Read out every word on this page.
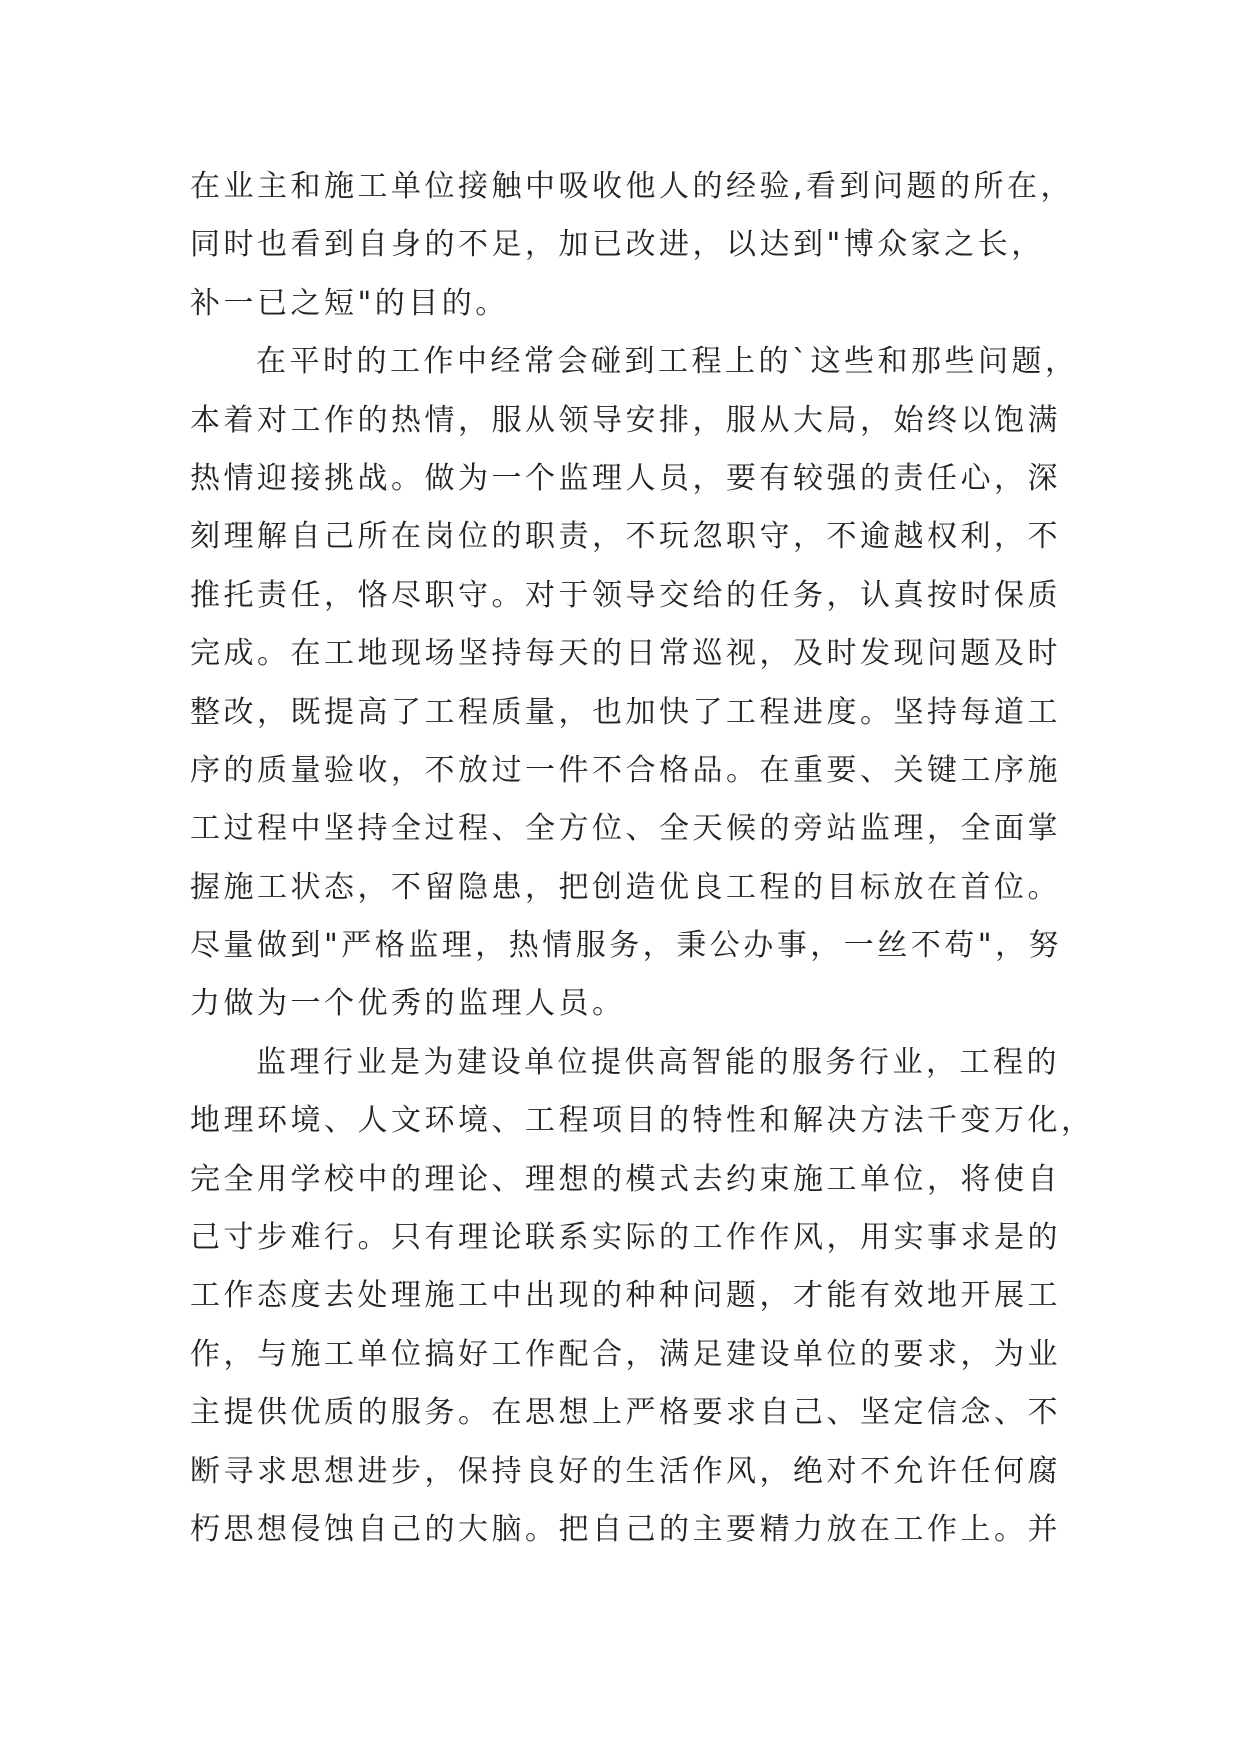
在业主和施工单位接触中吸收他人的经验,看到问题的所在，
同时也看到自身的不足，加已改进，以达到"博众家之长，
补一已之短"的目的。
在平时的工作中经常会碰到工程上的`这些和那些问题，
本着对工作的热情，服从领导安排，服从大局，始终以饱满
热情迎接挑战。做为一个监理人员，要有较强的责任心，深
刻理解自己所在岗位的职责，不玩忽职守，不逾越权利，不
推托责任，恪尽职守。对于领导交给的任务，认真按时保质
完成。在工地现场坚持每天的日常巡视，及时发现问题及时
整改，既提高了工程质量，也加快了工程进度。坚持每道工
序的质量验收，不放过一件不合格品。在重要、关键工序施
工过程中坚持全过程、全方位、全天候的旁站监理，全面掌
握施工状态，不留隐患，把创造优良工程的目标放在首位。
尽量做到"严格监理，热情服务，秉公办事，一丝不苟"，努
力做为一个优秀的监理人员。
监理行业是为建设单位提供高智能的服务行业，工程的
地理环境、人文环境、工程项目的特性和解决方法千变万化，
完全用学校中的理论、理想的模式去约束施工单位，将使自
己寸步难行。只有理论联系实际的工作作风，用实事求是的
工作态度去处理施工中出现的种种问题，才能有效地开展工
作，与施工单位搞好工作配合，满足建设单位的要求，为业
主提供优质的服务。在思想上严格要求自己、坚定信念、不
断寻求思想进步，保持良好的生活作风，绝对不允许任何腐
朽思想侵蚀自己的大脑。把自己的主要精力放在工作上。并
